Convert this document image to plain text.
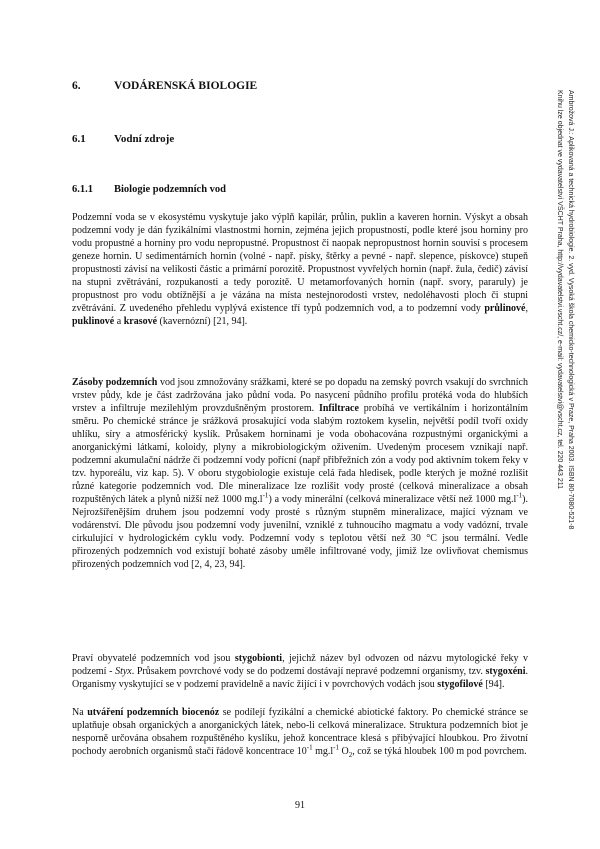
6.	VODÁRENSKÁ BIOLOGIE
6.1	Vodní zdroje
6.1.1 Biologie podzemních vod
Podzemní voda se v ekosystému vyskytuje jako výplň kapilár, průlin, puklin a kaveren hornin. Výskyt a obsah podzemní vody je dán fyzikálními vlastnostmi hornin, zejména jejich propustností, podle které jsou horniny pro vodu propustné a horniny pro vodu nepropustné. Propustnost či naopak nepropustnost hornin souvisí s procesem geneze hornin. U sedimentárních hornin (volné - např. písky, štěrky a pevné - např. slepence, pískovce) stupeň propustnosti závisí na velikosti částic a primární porozitě. Propustnost vyvřelých hornin (např. žula, čedič) závisí na stupni zvětrávání, rozpukanosti a tedy porozitě. U metamorfovaných hornin (např. svory, pararuly) je propustnost pro vodu obtížnější a je vázána na místa nestejnorodosti vrstev, nedoléhavosti ploch či stupni zvětrávání. Z uvedeného přehledu vyplývá existence tří typů podzemních vod, a to podzemní vody průlinové, puklinové a krasové (kavernózní) [21, 94].
Zásoby podzemních vod jsou zmnožovány srážkami, které se po dopadu na zemský povrch vsakují do svrchních vrstev půdy, kde je část zadržována jako půdní voda. Po nasycení půdního profilu protéká voda do hlubších vrstev a infiltruje mezilehlým provzdušněným prostorem. Infiltrace probíhá ve vertikálním i horizontálním směru. Po chemické stránce je srážková prosakující voda slabým roztokem kyselin, největší podíl tvoří oxidy uhlíku, síry a atmosférický kyslík. Průsakem horninami je voda obohacována rozpustnými organickými a anorganickými látkami, koloidy, plyny a mikrobiologickým oživením. Uvedeným procesem vznikají např. podzemní akumulační nádrže či podzemní vody pořícní (např přibřežních zón a vody pod aktivním tokem řeky v tzv. hyporeálu, viz kap. 5). V oboru stygobiologie existuje celá řada hledisek, podle kterých je možné rozlišit různé kategorie podzemních vod. Dle mineralizace lze rozlišit vody prosté (celková mineralizace a obsah rozpuštěných látek a plynů nižší než 1000 $mg.l^{-1}$) a vody minerální (celková mineralizace větší než 1000 $mg.l^{-1}$). Nejrozšířenějším druhem jsou podzemní vody prosté s různým stupněm mineralizace, mající význam ve vodárenství. Dle původu jsou podzemní vody juvenilní, vzniklé z tuhnoucího magmatu a vody vadózní, trvale cirkulující v hydrologickém cyklu vody. Podzemní vody s teplotou větší než 30 °C jsou termální. Vedle přirozených podzemních vod existují bohaté zásoby uměle infiltrované vody, jimiž lze ovlivňovat chemismus přirozených podzemních vod [2, 4, 23, 94].
Praví obyvatelé podzemních vod jsou stygobionti, jejichž název byl odvozen od názvu mytologické řeky v podzemí - Styx. Průsakem povrchové vody se do podzemí dostávají nepravé podzemní organismy, tzv. stygoxéni. Organismy vyskytující se v podzemí pravidelně a navíc žijící i v povrchových vodách jsou stygofilové [94].
Na utváření podzemních biocenóz se podílejí fyzikální a chemické abiotické faktory. Po chemické stránce se uplatňuje obsah organických a anorganických látek, nebo-li celková mineralizace. Struktura podzemních biot je nesporně určována obsahem rozpuštěného kyslíku, jehož koncentrace klesá s přibývající hloubkou. Pro životní pochody aerobních organismů stačí řádově koncentrace $10^{-1}$ $mg.l^{-1}$ $O_2$, což se týká hloubek 100 m pod povrchem.
91
Ambrožová J.: Aplikovaná a technická hydrobiologie. 2. vyd. Vysoká škola chemicko-technologická v Praze, Praha 2003. ISBN 80-7080-521-8
Knihu lze objednat ve vydavatelství VŠCHT Praha, http://vydavatelstvi.vscht.cz/, e-mail: vydavatelstvi@vscht.cz, tel. 220 443 211
